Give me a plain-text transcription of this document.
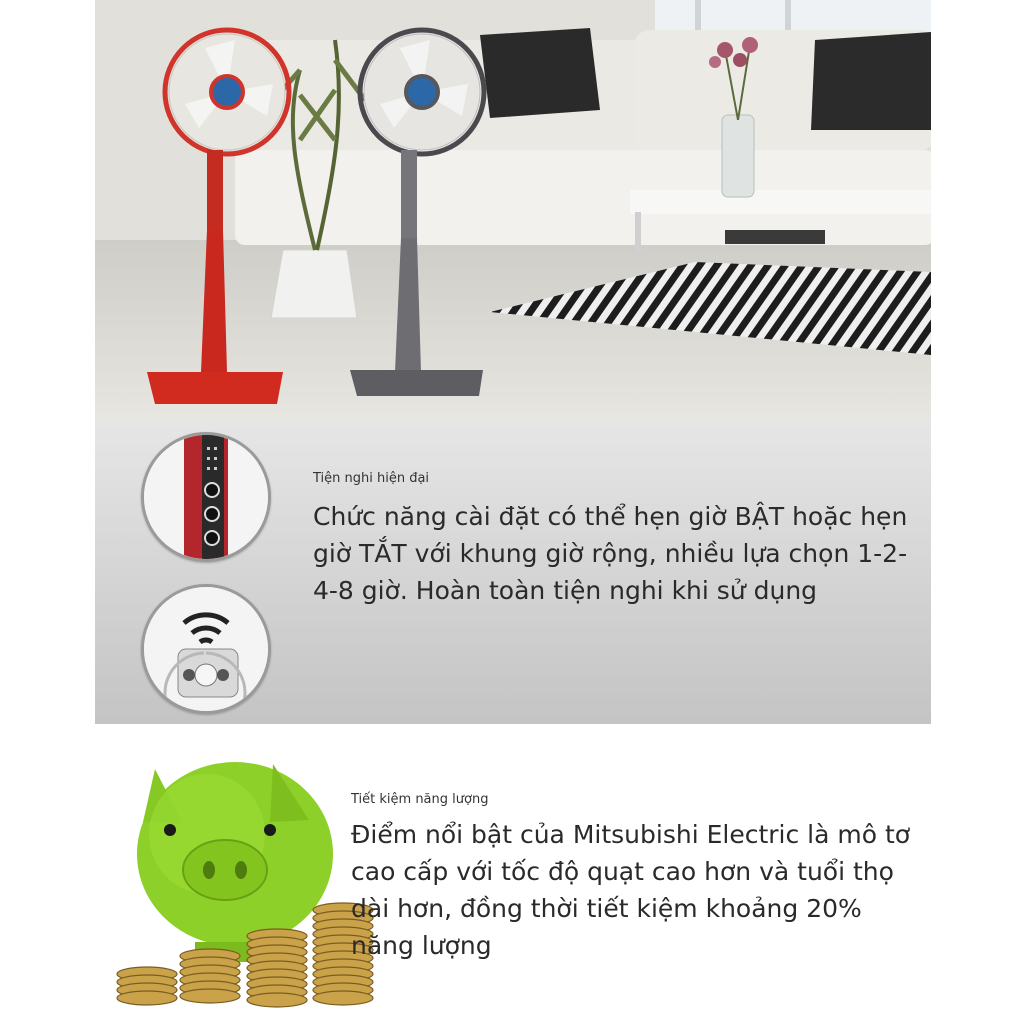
Tiện nghi hiện đại
Chức năng cài đặt có thể hẹn giờ BẬT hoặc hẹn giờ TẮT với khung giờ rộng, nhiều lựa chọn 1-2-4-8 giờ. Hoàn toàn tiện nghi khi sử dụng
Tiết kiệm năng lượng
Điểm nổi bật của Mitsubishi Electric là mô tơ cao cấp với tốc độ quạt cao hơn và tuổi thọ dài hơn, đồng thời tiết kiệm khoảng 20% năng lượng
